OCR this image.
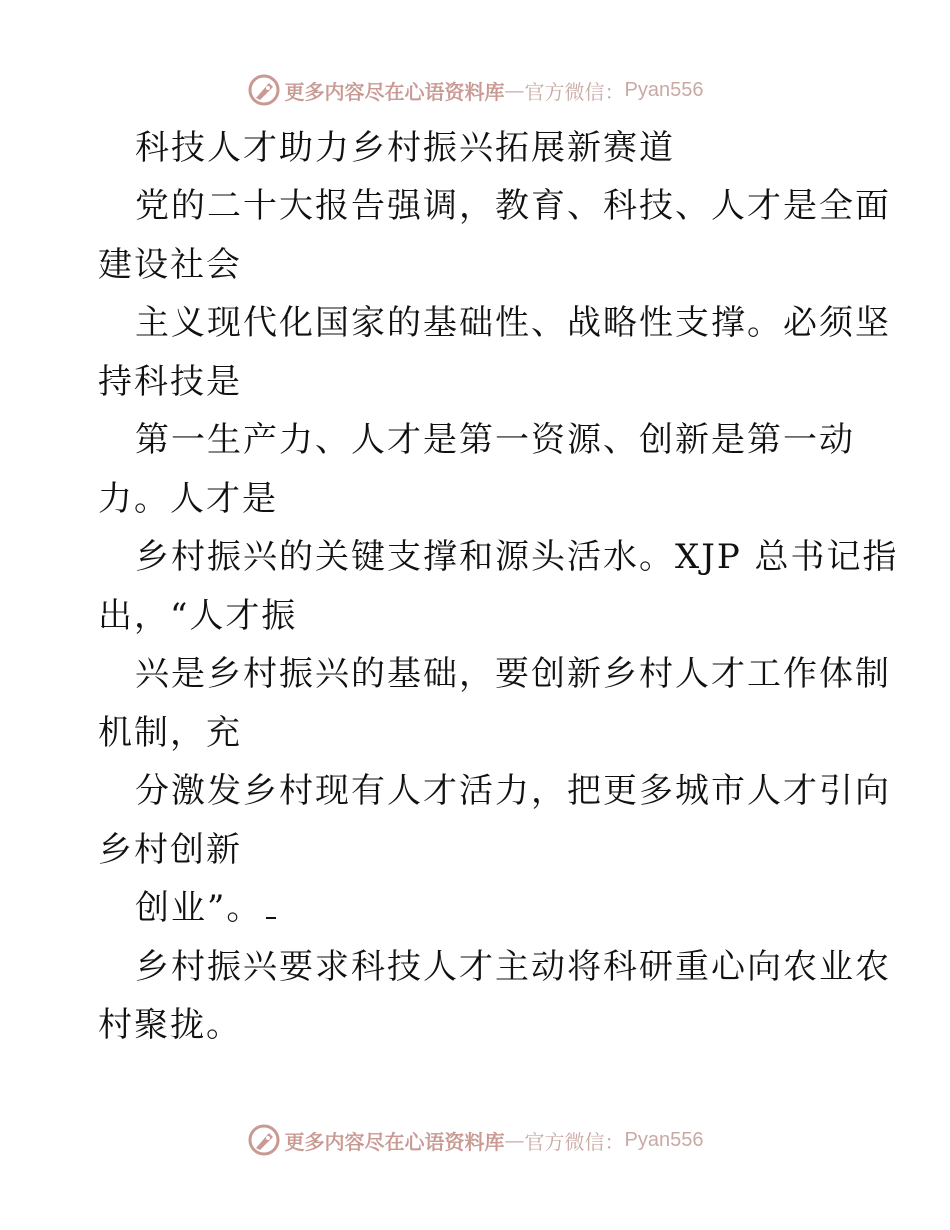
更多内容尽在心语资料库 — 官方微信： Pyan556
科技人才助力乡村振兴拓展新赛道
党的二十大报告强调，教育、科技、人才是全面
建设社会
主义现代化国家的基础性、战略性支撑。必须坚
持科技是
第一生产力、人才是第一资源、创新是第一动
力。人才是
乡村振兴的关键支撑和源头活水。XJP 总书记指
出，“人才振
兴是乡村振兴的基础，要创新乡村人才工作体制
机制，充
分激发乡村现有人才活力，把更多城市人才引向
乡村创新
创业”。
乡村振兴要求科技人才主动将科研重心向农业农
村聚拢。
更多内容尽在心语资料库 — 官方微信： Pyan556
